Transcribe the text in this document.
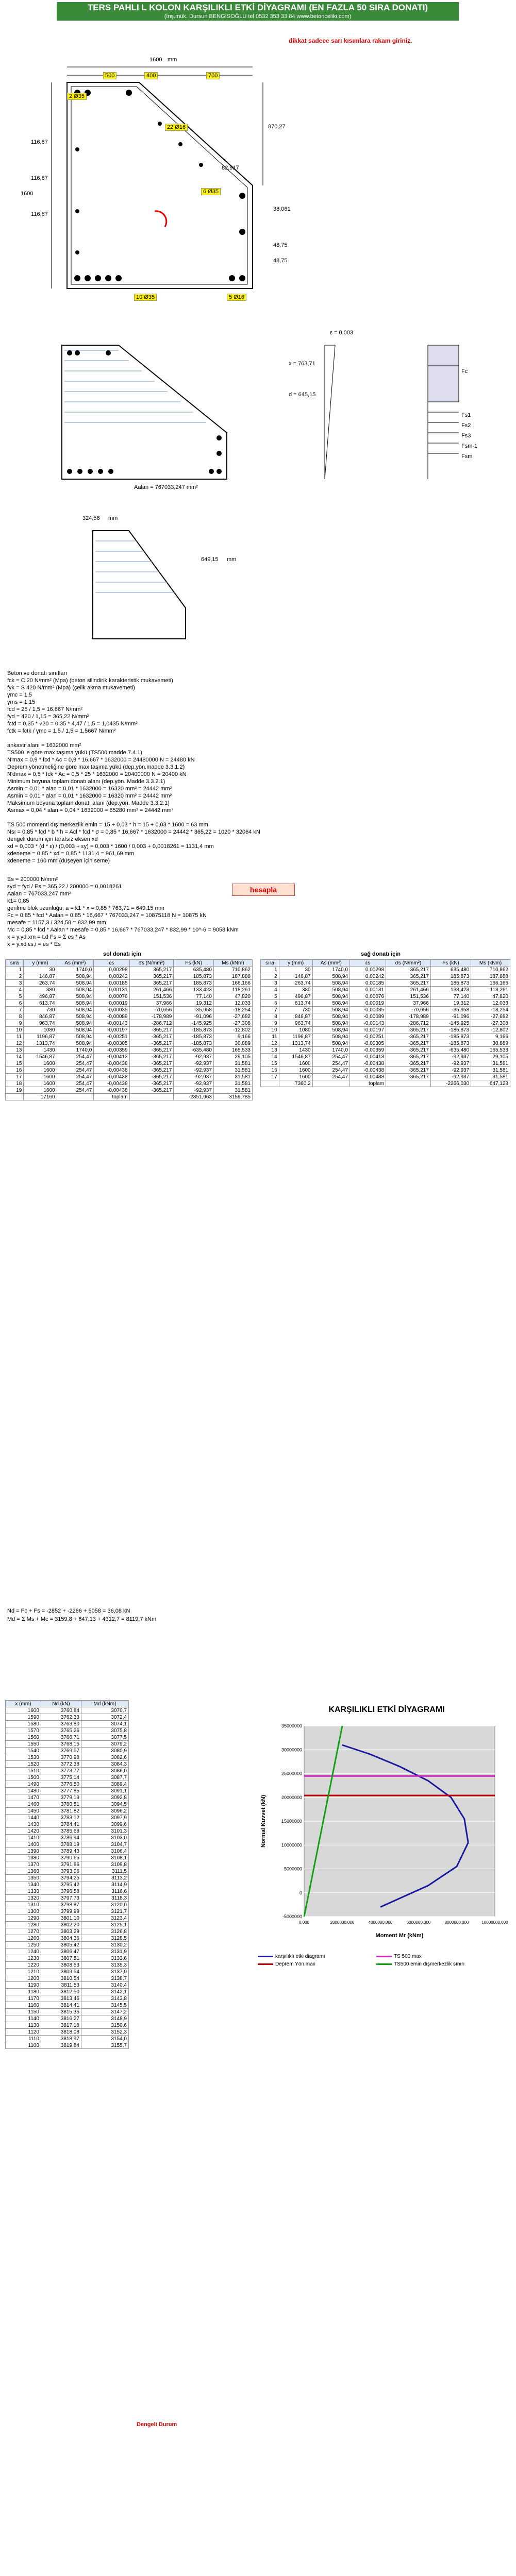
TERS PAHLI L KOLON KARŞILIKLI ETKİ DİYAGRAMI (EN FAZLA 50 SIRA DONATI)
(İnş.mük. Dursun BENGİSOĞLU tel 0532 353 33 84 www.betonceliki.com)
dikkat sadece sarı kısımlara rakam giriniz.
1600 mm
500	400	700
1600
870,27
2 Ø35
116,87
116,87
116,87
82,917
38,061
48,75
48,75
22 Ø16
6 Ø35
10 Ø35	5 Ø16
ε = 0.003
x = 763,71
d = 645,15
Fc
Fs1
Fs2
Fs3
Fsm-1
Fsm
Aalan = 767033,247 mm²
324,58 mm
649,15 mm
Beton ve donatı sınıfları
fck = C 20 N/mm² (Mpa) (beton silindirik karakteristik mukavemeti)
fyk = S 420 N/mm² (Mpa) (çelik akma mukavemeti)
γmc = 1,5
γms = 1,15
fcd = 25 / 1,5 = 16,667 N/mm²
fyd = 420 / 1,15 = 365,22 N/mm²
fctd = 0,35 * √20 = 0,35 * 4,47 / 1,5 = 1,0435 N/mm²
fctk = fctk / γmc = 1,5 / 1,5 = 1,5667 N/mm²
ankastr alanı = 1632000 mm²
TS500 'e göre max taşıma yükü (TS500 madde 7.4.1)
N'max = 0,9 * fcd * Ac = 0,9 * 16,667 * 1632000 = 24480000 N = 24480 kN
Deprem yönetmeliğine göre max taşıma yükü (dep.yön.madde 3.3.1.2)
N'dmax = 0,5 * fck * Ac = 0,5 * 25 * 1632000 = 20400000 N = 20400 kN
Minimum boyuna toplam donatı alanı (dep.yön. Madde 3.3.2.1)
Asmin = 0,01 * alan = 0,01 * 1632000 = 16320 mm² = 24442 mm²
Asmin = 0,01 * alan = 0,01 * 1632000 = 16320 mm² = 24442 mm²
Maksimum boyuna toplam donatı alanı (dep.yön. Madde 3.3.2.1)
Asmax = 0,04 * alan = 0,04 * 1632000 = 65280 mm² = 24442 mm²
TS 500 momenti dış merkezlik emin = 15 + 0,03 * h = 15 + 0,03 * 1600 = 63 mm
Nsı = 0,85 * fcd * b * h = Acl * fcd * σ = 0,85 * 16,667 * 1632000 = 24442 * 365,22 = 1020 * 32064 kN
dengeli durum için tarafsız eksen xd
xd = 0,003 * (d * ε) / (0,003 + εy) = 0,003 * 1600 / 0,003 + 0,0018261 = 1131,4 mm
xdeneme = 0,85 * xd = 0,85 * 1131,4 = 961,69 mm
xdeneme = 160 mm (düşeyen için seme)
Es = 200000 N/mm²
εyd = fyd / Es = 365,22 / 200000 = 0,0018261
Aalan = 767033,247 mm²
k1= 0,85
gerilme blok uzunluğu: a = k1 * x = 0,85 * 763,71 = 649,15 mm
Fc = 0,85 * fcd * Aalan = 0,85 * 16,667 * 767033,247 = 10875118 N = 10875 kN
mesafe = 1157,3 / 324,58 = 832,99 mm
Mc = 0,85 * fcd * Aalan * mesafe = 0,85 * 16,667 * 767033,247 * 832,99 * 10^-6 = 9058 kNm
x = y.yd xm = t.d Fs = Σ es * As
x = y.xd εs,i = es * Es
hesapla
sol donatı için	sağ donatı için
sıra	y (mm)	As (mm²)	εs	σs (N/mm²)	Fs (kN)	Ms (kNm)
1	30	1740,0	0,00298	365,217	635,480	710,862
2	146,87	508,94	0,00242	365,217	185,873	187,888
3	263,74	508,94	0,00185	365,217	185,873	166,166
4	380	508,94	0,00131	261,466	133,423	118,261
5	496,87	508,94	0,00076	151,536	77,140	47,820
6	613,74	508,94	0,00019	37,966	19,312	12,033
7	730	508,94	-0,00035	-70,656	-35,958	-18,254
8	846,87	508,94	-0,00089	-178,989	-91,096	-27,682
9	963,74	508,94	-0,00143	-286,712	-145,925	-27,308
10	1080	508,94	-0,00197	-365,217	-185,873	-12,802
11	1196,87	508,94	-0,00251	-365,217	-185,873	9,166
12	1313,74	508,94	-0,00305	-365,217	-185,873	30,889
13	1430	1740,0	-0,00359	-365,217	-635,480	165,533
14	1546,87	254,47	-0,00413	-365,217	-92,937	29,105
15	1600	254,47	-0,00438	-365,217	-92,937	31,581
16	1600	254,47	-0,00438	-365,217	-92,937	31,581
17	1600	254,47	-0,00438	-365,217	-92,937	31,581
18	1600	254,47	-0,00438	-365,217	-92,937	31,581
19	1600	254,47	-0,00438	-365,217	-92,937	31,581
	17160		toplam		-2851,963	3159,785
sıra	y (mm)	As (mm²)	εs	σs (N/mm²)	Fs (kN)	Ms (kNm)
1	30	1740,0	0,00298	365,217	635,480	710,862
2	146,87	508,94	0,00242	365,217	185,873	187,888
3	263,74	508,94	0,00185	365,217	185,873	166,166
4	380	508,94	0,00131	261,466	133,423	118,261
5	496,87	508,94	0,00076	151,536	77,140	47,820
6	613,74	508,94	0,00019	37,966	19,312	12,033
7	730	508,94	-0,00035	-70,656	-35,958	-18,254
8	846,87	508,94	-0,00089	-178,989	-91,096	-27,682
9	963,74	508,94	-0,00143	-286,712	-145,925	-27,308
10	1080	508,94	-0,00197	-365,217	-185,873	-12,802
11	1196,87	508,94	-0,00251	-365,217	-185,873	9,166
12	1313,74	508,94	-0,00305	-365,217	-185,873	30,889
13	1430	1740,0	-0,00359	-365,217	-635,480	165,533
14	1546,87	254,47	-0,00413	-365,217	-92,937	29,105
15	1600	254,47	-0,00438	-365,217	-92,937	31,581
16	1600	254,47	-0,00438	-365,217	-92,937	31,581
17	1600	254,47	-0,00438	-365,217	-92,937	31,581
	7360,2		toplam		-2266,030	647,128
Nd = Fc + Fs = -2852 + -2266 + 5058 = 36,08 kN
Md = Σ Ms + Mc = 3159,8 + 647,13 + 4312,7 = 8119,7 kNm
x (mm)	Nd (kN)	Md (kNm)
1600	3760,84	3070,7
1590	3762,33	3072,4
1580	3763,80	3074,1
1570	3765,26	3075,8
1560	3766,71	3077,5
1550	3768,15	3079,2
1540	3769,57	3080,9
1530	3770,98	3082,6
1520	3772,38	3084,3
1510	3773,77	3086,0
1500	3775,14	3087,7
1490	3776,50	3089,4
1480	3777,85	3091,1
1470	3779,19	3092,8
1460	3780,51	3094,5
1450	3781,82	3096,2
1440	3783,12	3097,9
1430	3784,41	3099,6
1420	3785,68	3101,3
1410	3786,94	3103,0
1400	3788,19	3104,7
1390	3789,43	3106,4
1380	3790,65	3108,1
1370	3791,86	3109,8
1360	3793,06	3111,5
1350	3794,25	3113,2
1340	3795,42	3114,9
1330	3796,58	3116,6
1320	3797,73	3118,3
1310	3798,87	3120,0
1300	3799,99	3121,7
1290	3801,10	3123,4
1280	3802,20	3125,1
1270	3803,29	3126,8
1260	3804,36	3128,5
1250	3805,42	3130,2
1240	3806,47	3131,9
1230	3807,51	3133,6
1220	3808,53	3135,3
1210	3809,54	3137,0
1200	3810,54	3138,7
1190	3811,53	3140,4
1180	3812,50	3142,1
1170	3813,46	3143,8
1160	3814,41	3145,5
1150	3815,35	3147,2
1140	3816,27	3148,9
1130	3817,18	3150,6
1120	3818,08	3152,3
1110	3818,97	3154,0
1100	3819,84	3155,7
Dengeli Durum
KARŞILIKLI ETKİ DİYAGRAMI
35000000
30000000
25000000
20000000
15000000
10000000
5000000
0
-5000000
0,000	2000000,000	4000000,000	6000000,000	8000000,000	10000000,000
Moment Mr (kNm)
Normal Kuvvet (kN)
karşılıklı etki diagramı	TS 500 maxDeprem Yön.max	TS500 emin dışmerkezlik sınırı
